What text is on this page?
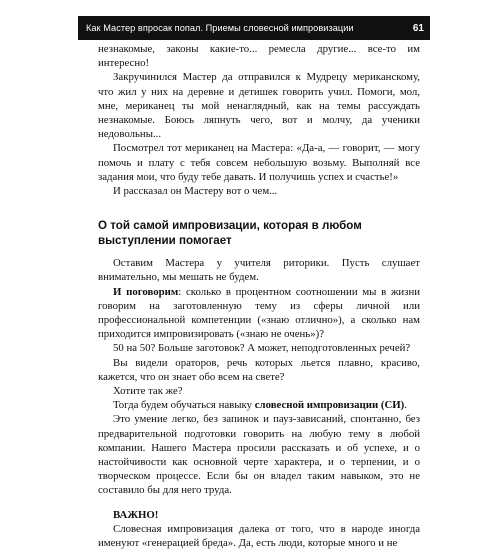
Как Мастер впросак попал. Приемы словесной импровизации	61

незнакомые, законы какие-то... ремесла другие... все-то им интересно!

Закручинился Мастер да отправился к Мудрецу мериканскому, что жил у них на деревне и детишек говорить учил. Помоги, мол, мне, мериканец ты мой ненаглядный, как на темы рассуждать незнакомые. Боюсь ляпнуть чего, вот и молчу, да ученики недовольны...

Посмотрел тот мериканец на Мастера: «Да-а, — говорит, — могу помочь и плату с тебя совсем небольшую возьму. Выполняй все задания мои, что буду тебе давать. И получишь успех и счастье!»

И рассказал он Мастеру вот о чем...

О той самой импровизации, которая в любом выступлении помогает

Оставим Мастера у учителя риторики. Пусть слушает внимательно, мы мешать не будем.

И поговорим: сколько в процентном соотношении мы в жизни говорим на заготовленную тему из сферы личной или профессиональной компетенции («знаю отлично»), а сколько нам приходится импровизировать («знаю не очень»)?

50 на 50? Больше заготовок? А может, неподготовленных речей?

Вы видели ораторов, речь которых льется плавно, красиво, кажется, что он знает обо всем на свете?

Хотите так же?

Тогда будем обучаться навыку словесной импровизации (СИ).

Это умение легко, без запинок и пауз-зависаний, спонтанно, без предварительной подготовки говорить на любую тему в любой компании. Нашего Мастера просили рассказать и об успехе, и о настойчивости как основной черте характера, и о терпении, и о творческом процессе. Если бы он владел таким навыком, это не составило бы для него труда.

ВАЖНО!

Словесная импровизация далека от того, что в народе иногда именуют «генерацией бреда». Да, есть люди, которые много и не
